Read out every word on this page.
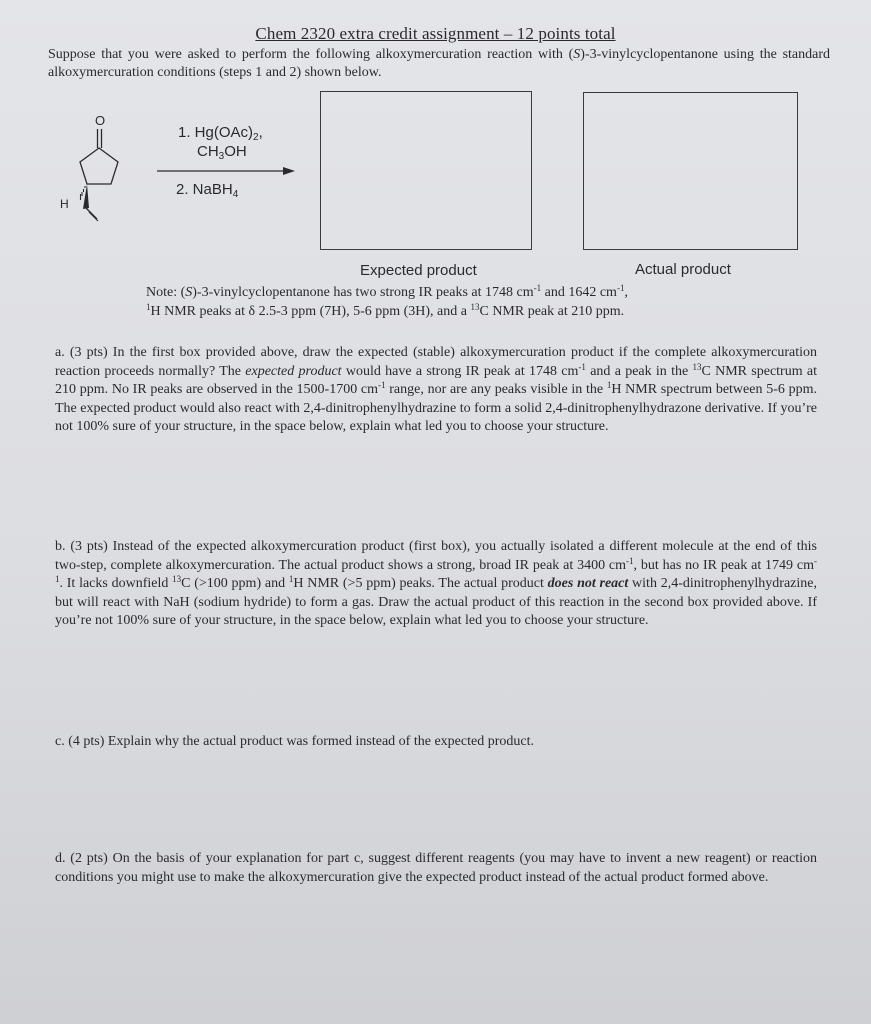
Chem 2320 extra credit assignment – 12 points total
Suppose that you were asked to perform the following alkoxymercuration reaction with (S)-3-vinylcyclopentanone using the standard alkoxymercuration conditions (steps 1 and 2) shown below.
O
H
1. $Hg(OAc)_2$,
$CH_3OH$
2. NaBH$_4$
Expected product	Actual product
Note: (S)-3-vinylcyclopentanone has two strong IR peaks at 1748 $cm^{-1}$ and 1642 $cm^{-1}$,
$^1$H NMR peaks at δ 2.5-3 ppm (7H), 5-6 ppm (3H), and a $^{13}$C NMR peak at 210 ppm.
a. (3 pts) In the first box provided above, draw the expected (stable) alkoxymercuration product if the complete alkoxymercuration reaction proceeds normally? The expected product would have a strong IR peak at 1748 $cm^{-1}$ and a peak in the $^{13}$C NMR spectrum at 210 ppm. No IR peaks are observed in the 1500-1700 $cm^{-1}$ range, nor are any peaks visible in the $^1$H NMR spectrum between 5-6 ppm. The expected product would also react with 2,4-dinitrophenylhydrazine to form a solid 2,4-dinitrophenylhydrazone derivative. If you’re not 100% sure of your structure, in the space below, explain what led you to choose your structure.
b. (3 pts) Instead of the expected alkoxymercuration product (first box), you actually isolated a different molecule at the end of this two-step, complete alkoxymercuration. The actual product shows a strong, broad IR peak at 3400 $cm^{-1}$, but has no IR peak at 1749 $cm^{-1}$. It lacks downfield $^{13}$C (>100 ppm) and $^1$H NMR (>5 ppm) peaks. The actual product does not react with 2,4-dinitrophenylhydrazine, but will react with NaH (sodium hydride) to form a gas. Draw the actual product of this reaction in the second box provided above. If you’re not 100% sure of your structure, in the space below, explain what led you to choose your structure.
c. (4 pts) Explain why the actual product was formed instead of the expected product.
d. (2 pts) On the basis of your explanation for part c, suggest different reagents (you may have to invent a new reagent) or reaction conditions you might use to make the alkoxymercuration give the expected product instead of the actual product formed above.
